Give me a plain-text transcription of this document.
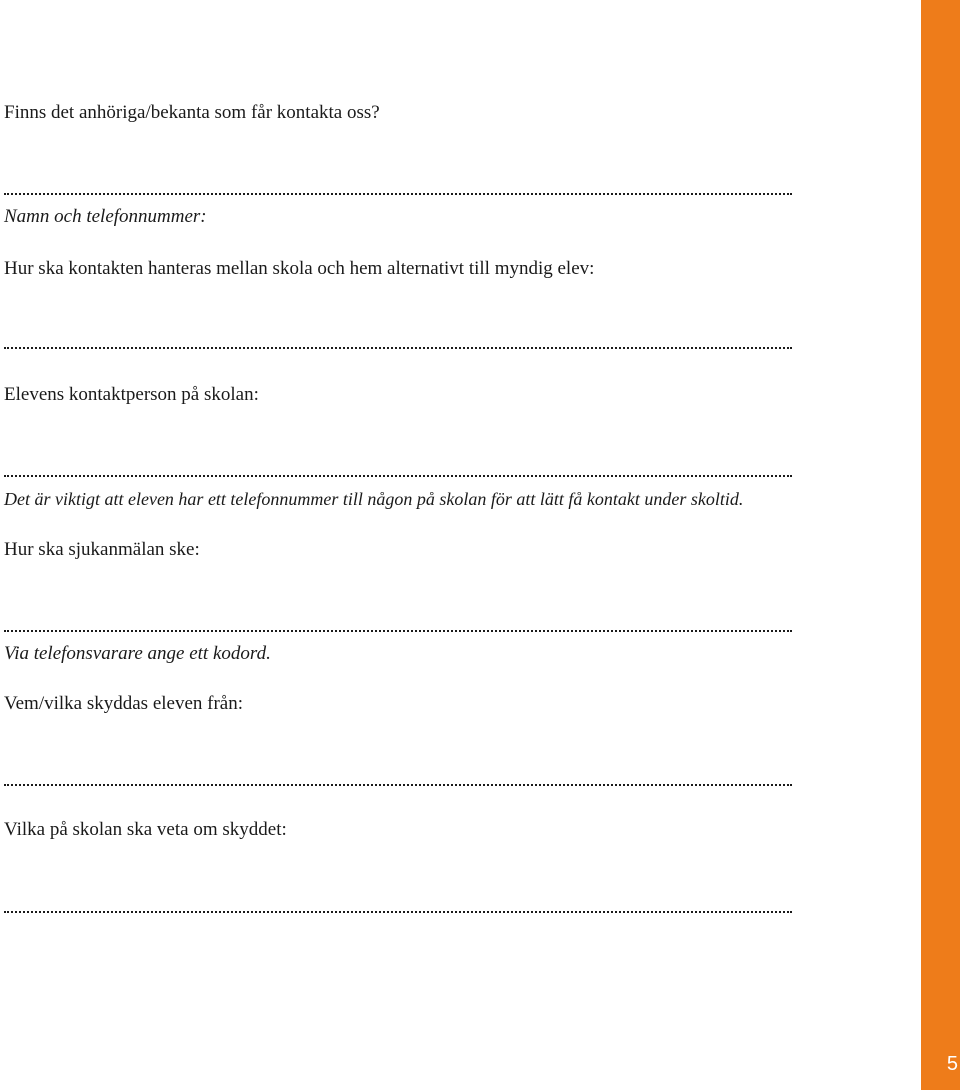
Finns det anhöriga/bekanta som får kontakta oss?
Namn och telefonnummer:
Hur ska kontakten hanteras mellan skola och hem alternativt till myndig elev:
Elevens kontaktperson på skolan:
Det är viktigt att eleven har ett telefonnummer till någon på skolan för att lätt få kontakt under skoltid.
Hur ska sjukanmälan ske:
Via telefonsvarare ange ett kodord.
Vem/vilka skyddas eleven från:
Vilka på skolan ska veta om skyddet:
5
